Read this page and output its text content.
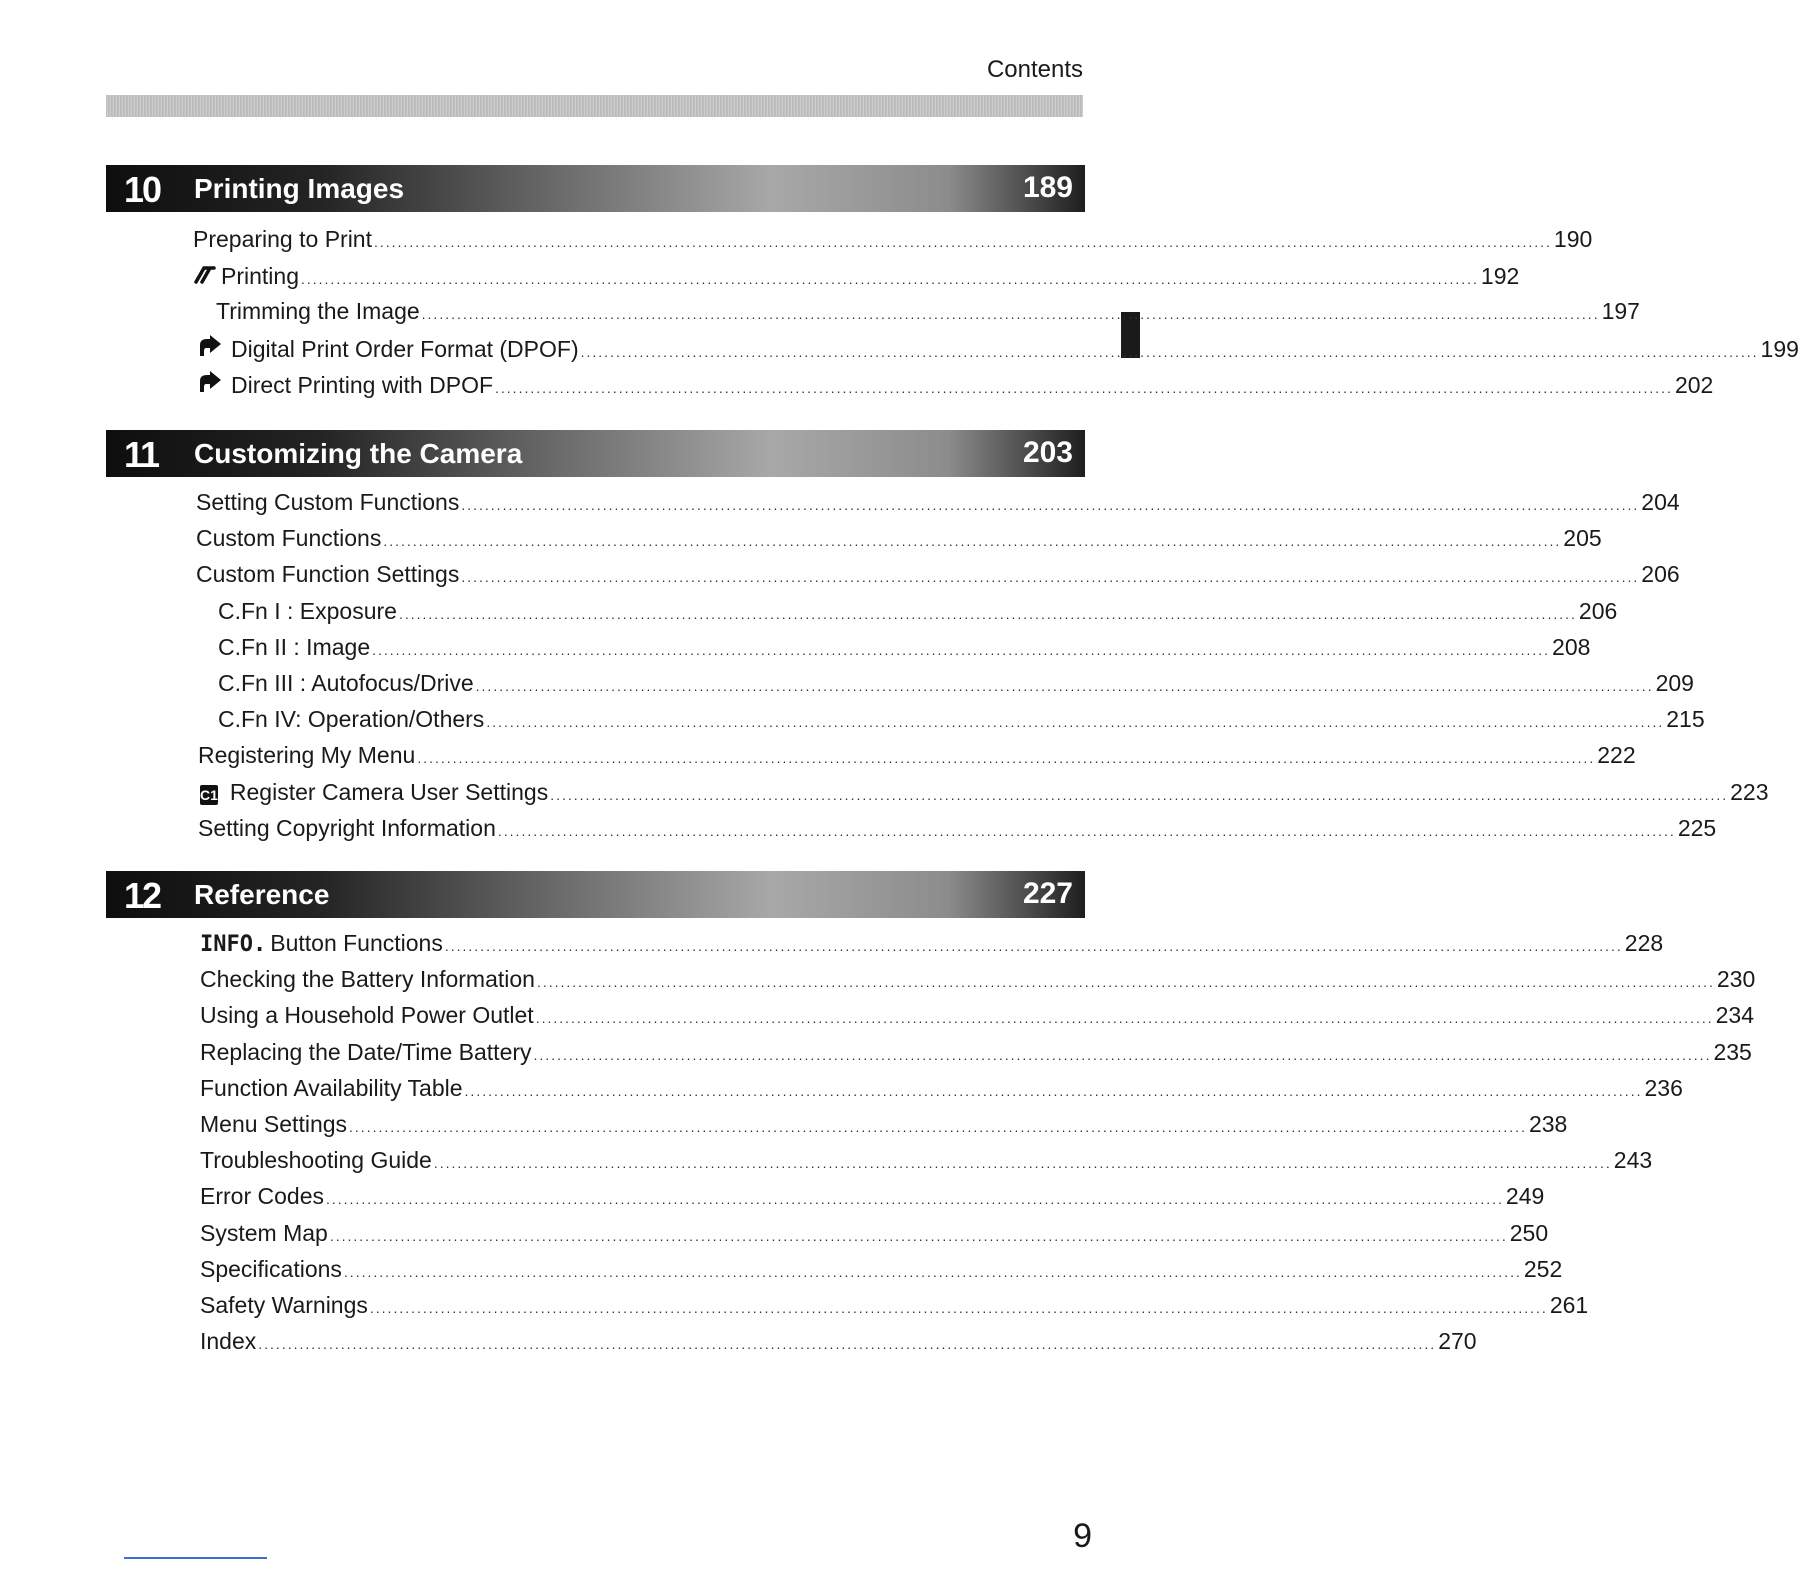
Contents
10 Printing Images	189
Preparing to Print ........................................................................................................................................................................................................ 190
Printing ........................................................................................................................................................................................................ 192
Trimming the Image ........................................................................................................................................................................................................ 197
Digital Print Order Format (DPOF) ........................................................................................................................................................................................................ 199
Direct Printing with DPOF ........................................................................................................................................................................................................ 202
11 Customizing the Camera	203
Setting Custom Functions ........................................................................................................................................................................................................ 204
Custom Functions ........................................................................................................................................................................................................ 205
Custom Function Settings ........................................................................................................................................................................................................ 206
C.Fn I : Exposure ........................................................................................................................................................................................................ 206
C.Fn II : Image ........................................................................................................................................................................................................ 208
C.Fn III : Autofocus/Drive ........................................................................................................................................................................................................ 209
C.Fn IV: Operation/Others ........................................................................................................................................................................................................ 215
Registering My Menu ........................................................................................................................................................................................................ 222
C1 Register Camera User Settings ........................................................................................................................................................................................................ 223
Setting Copyright Information ........................................................................................................................................................................................................ 225
12 Reference	227
INFO. Button Functions ........................................................................................................................................................................................................ 228
Checking the Battery Information ........................................................................................................................................................................................................ 230
Using a Household Power Outlet ........................................................................................................................................................................................................ 234
Replacing the Date/Time Battery ........................................................................................................................................................................................................ 235
Function Availability Table ........................................................................................................................................................................................................ 236
Menu Settings ........................................................................................................................................................................................................ 238
Troubleshooting Guide ........................................................................................................................................................................................................ 243
Error Codes ........................................................................................................................................................................................................ 249
System Map ........................................................................................................................................................................................................ 250
Specifications ........................................................................................................................................................................................................ 252
Safety Warnings ........................................................................................................................................................................................................ 261
Index ........................................................................................................................................................................................................ 270
9
